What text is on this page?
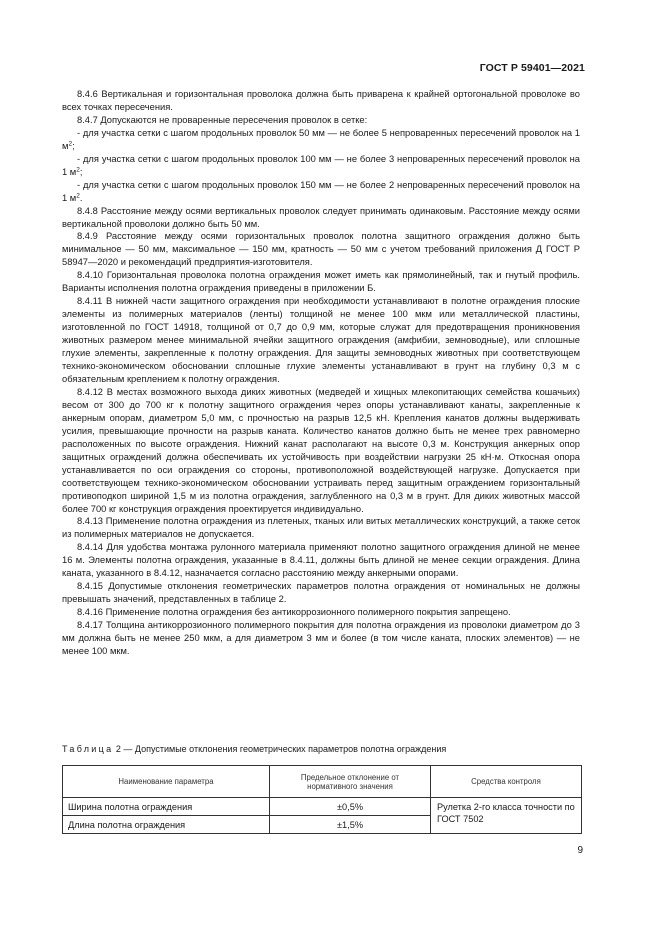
ГОСТ Р 59401—2021

8.4.6 Вертикальная и горизонтальная проволока должна быть приварена к крайней ортогональной проволоке во всех точках пересечения.

8.4.7 Допускаются не проваренные пересечения проволок в сетке:

- для участка сетки с шагом продольных проволок 50 мм — не более 5 непроваренных пересечений проволок на 1 $м^2$;

- для участка сетки с шагом продольных проволок 100 мм — не более 3 непроваренных пересечений проволок на 1 $м^2$;

- для участка сетки с шагом продольных проволок 150 мм — не более 2 непроваренных пересечений проволок на 1 $м^2$.

8.4.8 Расстояние между осями вертикальных проволок следует принимать одинаковым. Расстояние между осями вертикальной проволоки должно быть 50 мм.

8.4.9 Расстояние между осями горизонтальных проволок полотна защитного ограждения должно быть минимальное — 50 мм, максимальное — 150 мм, кратность — 50 мм с учетом требований приложения Д ГОСТ Р 58947—2020 и рекомендаций предприятия-изготовителя.

8.4.10 Горизонтальная проволока полотна ограждения может иметь как прямолинейный, так и гнутый профиль. Варианты исполнения полотна ограждения приведены в приложении Б.

8.4.11 В нижней части защитного ограждения при необходимости устанавливают в полотне ограждения плоские элементы из полимерных материалов (ленты) толщиной не менее 100 мкм или металлической пластины, изготовленной по ГОСТ 14918, толщиной от 0,7 до 0,9 мм, которые служат для предотвращения проникновения животных размером менее минимальной ячейки защитного ограждения (амфибии, земноводные), или сплошные глухие элементы, закрепленные к полотну ограждения. Для защиты земноводных животных при соответствующем технико-экономическом обосновании сплошные глухие элементы устанавливают в грунт на глубину 0,3 м с обязательным креплением к полотну ограждения.

8.4.12 В местах возможного выхода диких животных (медведей и хищных млекопитающих семейства кошачьих) весом от 300 до 700 кг к полотну защитного ограждения через опоры устанавливают канаты, закрепленные к анкерным опорам, диаметром 5,0 мм, с прочностью на разрыв 12,5 кН. Крепления канатов должны выдерживать усилия, превышающие прочности на разрыв каната. Количество канатов должно быть не менее трех равномерно расположенных по высоте ограждения. Нижний канат располагают на высоте 0,3 м. Конструкция анкерных опор защитных ограждений должна обеспечивать их устойчивость при воздействии нагрузки 25 кН·м. Откосная опора устанавливается по оси ограждения со стороны, противоположной воздействующей нагрузке. Допускается при соответствующем технико-экономическом обосновании устраивать перед защитным ограждением горизонтальный противоподкоп шириной 1,5 м из полотна ограждения, заглубленного на 0,3 м в грунт. Для диких животных массой более 700 кг конструкция ограждения проектируется индивидуально.

8.4.13 Применение полотна ограждения из плетеных, тканых или витых металлических конструкций, а также сеток из полимерных материалов не допускается.

8.4.14 Для удобства монтажа рулонного материала применяют полотно защитного ограждения длиной не менее 16 м. Элементы полотна ограждения, указанные в 8.4.11, должны быть длиной не менее секции ограждения. Длина каната, указанного в 8.4.12, назначается согласно расстоянию между анкерными опорами.

8.4.15 Допустимые отклонения геометрических параметров полотна ограждения от номинальных не должны превышать значений, представленных в таблице 2.

8.4.16 Применение полотна ограждения без антикоррозионного полимерного покрытия запрещено.

8.4.17 Толщина антикоррозионного полимерного покрытия для полотна ограждения из проволоки диаметром до 3 мм должна быть не менее 250 мкм, а для диаметром 3 мм и более (в том числе каната, плоских элементов) — не менее 100 мкм.

Таблица 2 — Допустимые отклонения геометрических параметров полотна ограждения
Наименование параметра	Предельное отклонение от нормативного значения	Средства контроля
Ширина полотна ограждения	±0,5%	Рулетка 2-го класса точности по ГОСТ 7502
Длина полотна ограждения	±1,5%	
9
